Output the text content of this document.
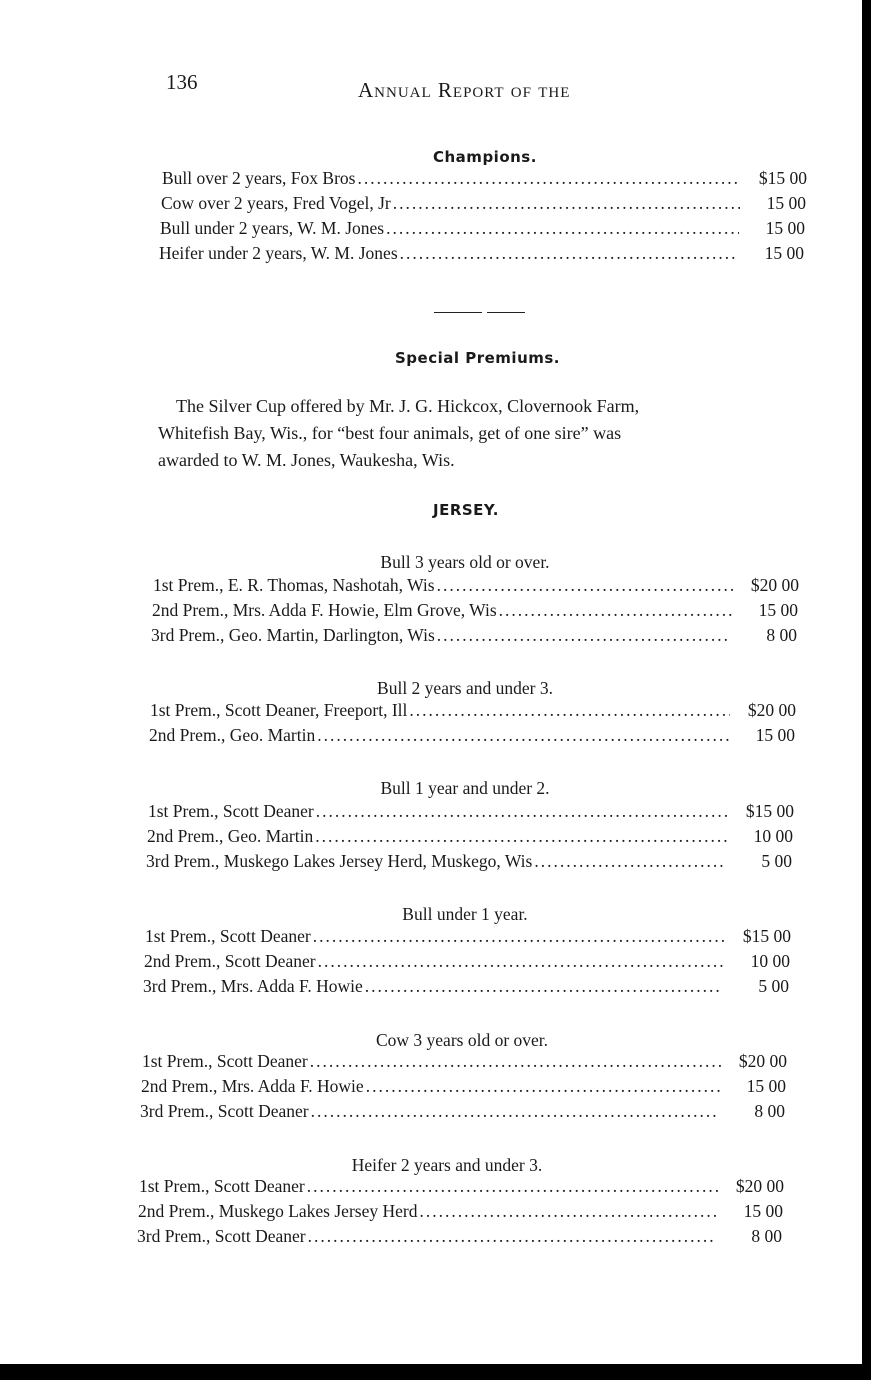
136	Annual Report of the
Champions.
Bull over 2 years, Fox Bros .....	$15 00
Cow over 2 years, Fred Vogel, Jr .....	15 00
Bull under 2 years, W. M. Jones .....	15 00
Heifer under 2 years, W. M. Jones .....	15 00
Special Premiums.
The Silver Cup offered by Mr. J. G. Hickcox, Clovernook Farm,
Whitefish Bay, Wis., for “best four animals, get of one sire” was
awarded to W. M. Jones, Waukesha, Wis.
JERSEY.
Bull 3 years old or over.
1st Prem., E. R. Thomas, Nashotah, Wis .....	$20 00
2nd Prem., Mrs. Adda F. Howie, Elm Grove, Wis .....	15 00
3rd Prem., Geo. Martin, Darlington, Wis .....	8 00
Bull 2 years and under 3.
1st Prem., Scott Deaner, Freeport, Ill .....	$20 00
2nd Prem., Geo. Martin .....	15 00
Bull 1 year and under 2.
1st Prem., Scott Deaner .....	$15 00
2nd Prem., Geo. Martin .....	10 00
3rd Prem., Muskego Lakes Jersey Herd, Muskego, Wis .....	5 00
Bull under 1 year.
1st Prem., Scott Deaner .....	$15 00
2nd Prem., Scott Deaner .....	10 00
3rd Prem., Mrs. Adda F. Howie .....	5 00
Cow 3 years old or over.
1st Prem., Scott Deaner .....	$20 00
2nd Prem., Mrs. Adda F. Howie .....	15 00
3rd Prem., Scott Deaner .....	8 00
Heifer 2 years and under 3.
1st Prem., Scott Deaner .....	$20 00
2nd Prem., Muskego Lakes Jersey Herd .....	15 00
3rd Prem., Scott Deaner .....	8 00
